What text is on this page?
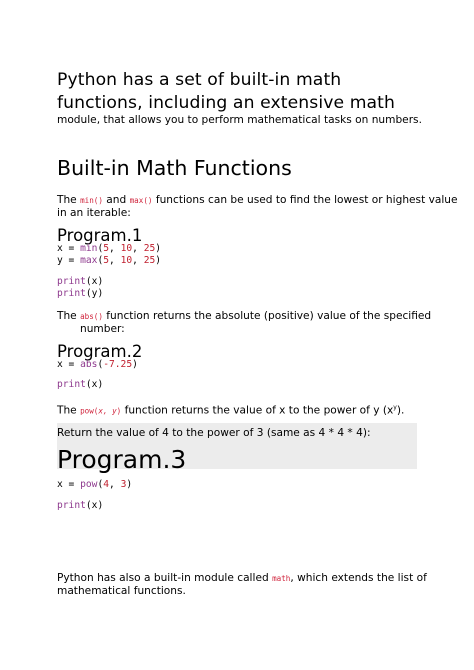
Python has a set of built-in math
functions, including an extensive math
module, that allows you to perform mathematical tasks on numbers.
Built-in Math Functions
The min() and max() functions can be used to find the lowest or highest value
in an iterable:
Program.1
x = min(5, 10, 25)
y = max(5, 10, 25)
print(x)
print(y)
The abs() function returns the absolute (positive) value of the specified
number:
Program.2
x = abs(-7.25)
print(x)
The pow(x, y) function returns the value of x to the power of y $(x^y)$.
Return the value of 4 to the power of 3 (same as 4 * 4 * 4):
Program.3
x = pow(4, 3)
print(x)
Python has also a built-in module called math, which extends the list of
mathematical functions.
